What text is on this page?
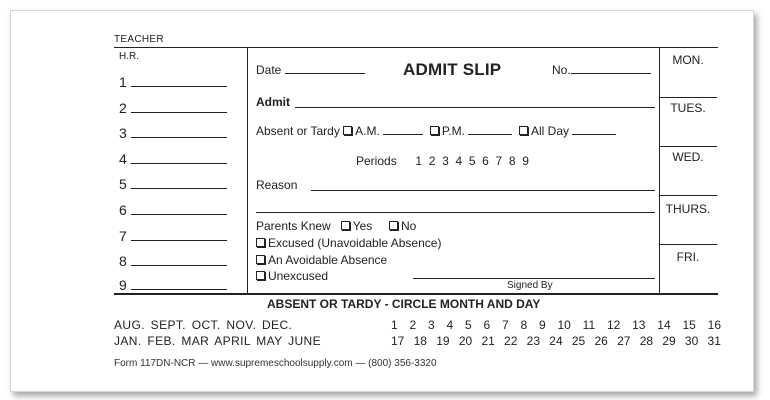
TEACHER
H.R.
1
2
3
4
5
6
7
8
9
Date	ADMIT SLIP	No.
Admit
Absent or Tardy A.M.	P.M.	All Day
Periods 1 2 3 4 5 6 7 8 9
Reason
Parents Knew Yes No
Excused (Unavoidable Absence)
An Avoidable Absence
Unexcused
Signed By
MON.
TUES.
WED.
THURS.
FRI.
ABSENT OR TARDY - CIRCLE MONTH AND DAY
AUG. SEPT. OCT. NOV. DEC.
JAN. FEB. MAR APRIL MAY JUNE
1 2 3 4 5 6 7 8 9 10 11 12 13 14 15 16
17 18 19 20 21 22 23 24 25 26 27 28 29 30 31
Form 117DN-NCR — www.supremeschoolsupply.com — (800) 356-3320
